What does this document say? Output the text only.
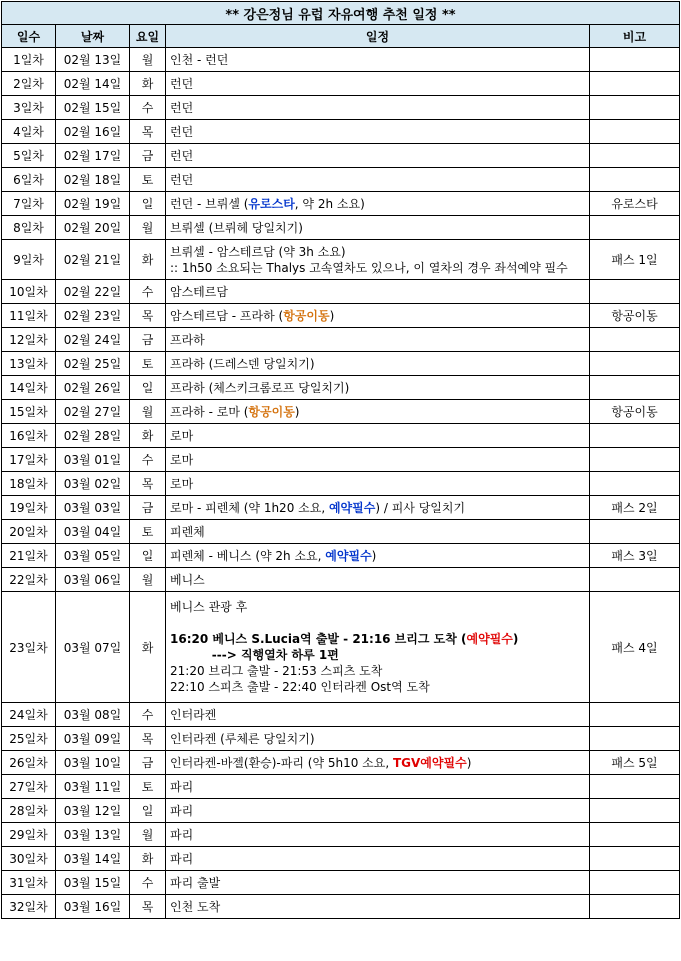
** 강은정님 유럽 자유여행 추천 일정 **				
일수	날짜	요일	일정	비고
1일차	02월 13일	월	인천 - 런던	

2일차	02월 14일	화	런던	

3일차	02월 15일	수	런던	

4일차	02월 16일	목	런던	

5일차	02월 17일	금	런던	

6일차	02월 18일	토	런던	

7일차	02월 19일	일	런던 - 브뤼셀 (유로스타, 약 2h 소요)	유로스타
8일차	02월 20일	월	브뤼셀 (브뤼헤 당일치기)	

9일차	02월 21일	화	브뤼셀 - 암스테르담 (약 3h 소요)
:: 1h50 소요되는 Thalys 고속열차도 있으나, 이 열차의 경우 좌석예약 필수	패스 1일
10일차	02월 22일	수	암스테르담	

11일차	02월 23일	목	암스테르담 - 프라하 (항공이동)	항공이동
12일차	02월 24일	금	프라하	

13일차	02월 25일	토	프라하 (드레스덴 당일치기)	

14일차	02월 26일	일	프라하 (체스키크롬로프 당일치기)	

15일차	02월 27일	월	프라하 - 로마 (항공이동)	항공이동
16일차	02월 28일	화	로마	

17일차	03월 01일	수	로마	

18일차	03월 02일	목	로마	

19일차	03월 03일	금	로마 - 피렌체 (약 1h20 소요, 예약필수) / 피사 당일치기	패스 2일
20일차	03월 04일	토	피렌체	

21일차	03월 05일	일	피렌체 - 베니스 (약 2h 소요, 예약필수)	패스 3일
22일차	03월 06일	월	베니스	

23일차	03월 07일	화	베니스 관광 후

16:20 베니스 S.Lucia역 출발 - 21:16 브리그 도착 (예약필수)
---> 직행열차 하루 1편
21:20 브리그 출발 - 21:53 스피츠 도착
22:10 스피츠 출발 - 22:40 인터라켄 Ost역 도착	패스 4일
24일차	03월 08일	수	인터라켄	

25일차	03월 09일	목	인터라켄 (루체른 당일치기)	

26일차	03월 10일	금	인터라켄-바젤(환승)-파리 (약 5h10 소요, TGV예약필수)	패스 5일
27일차	03월 11일	토	파리	

28일차	03월 12일	일	파리	

29일차	03월 13일	월	파리	

30일차	03월 14일	화	파리	

31일차	03월 15일	수	파리 출발	

32일차	03월 16일	목	인천 도착	
